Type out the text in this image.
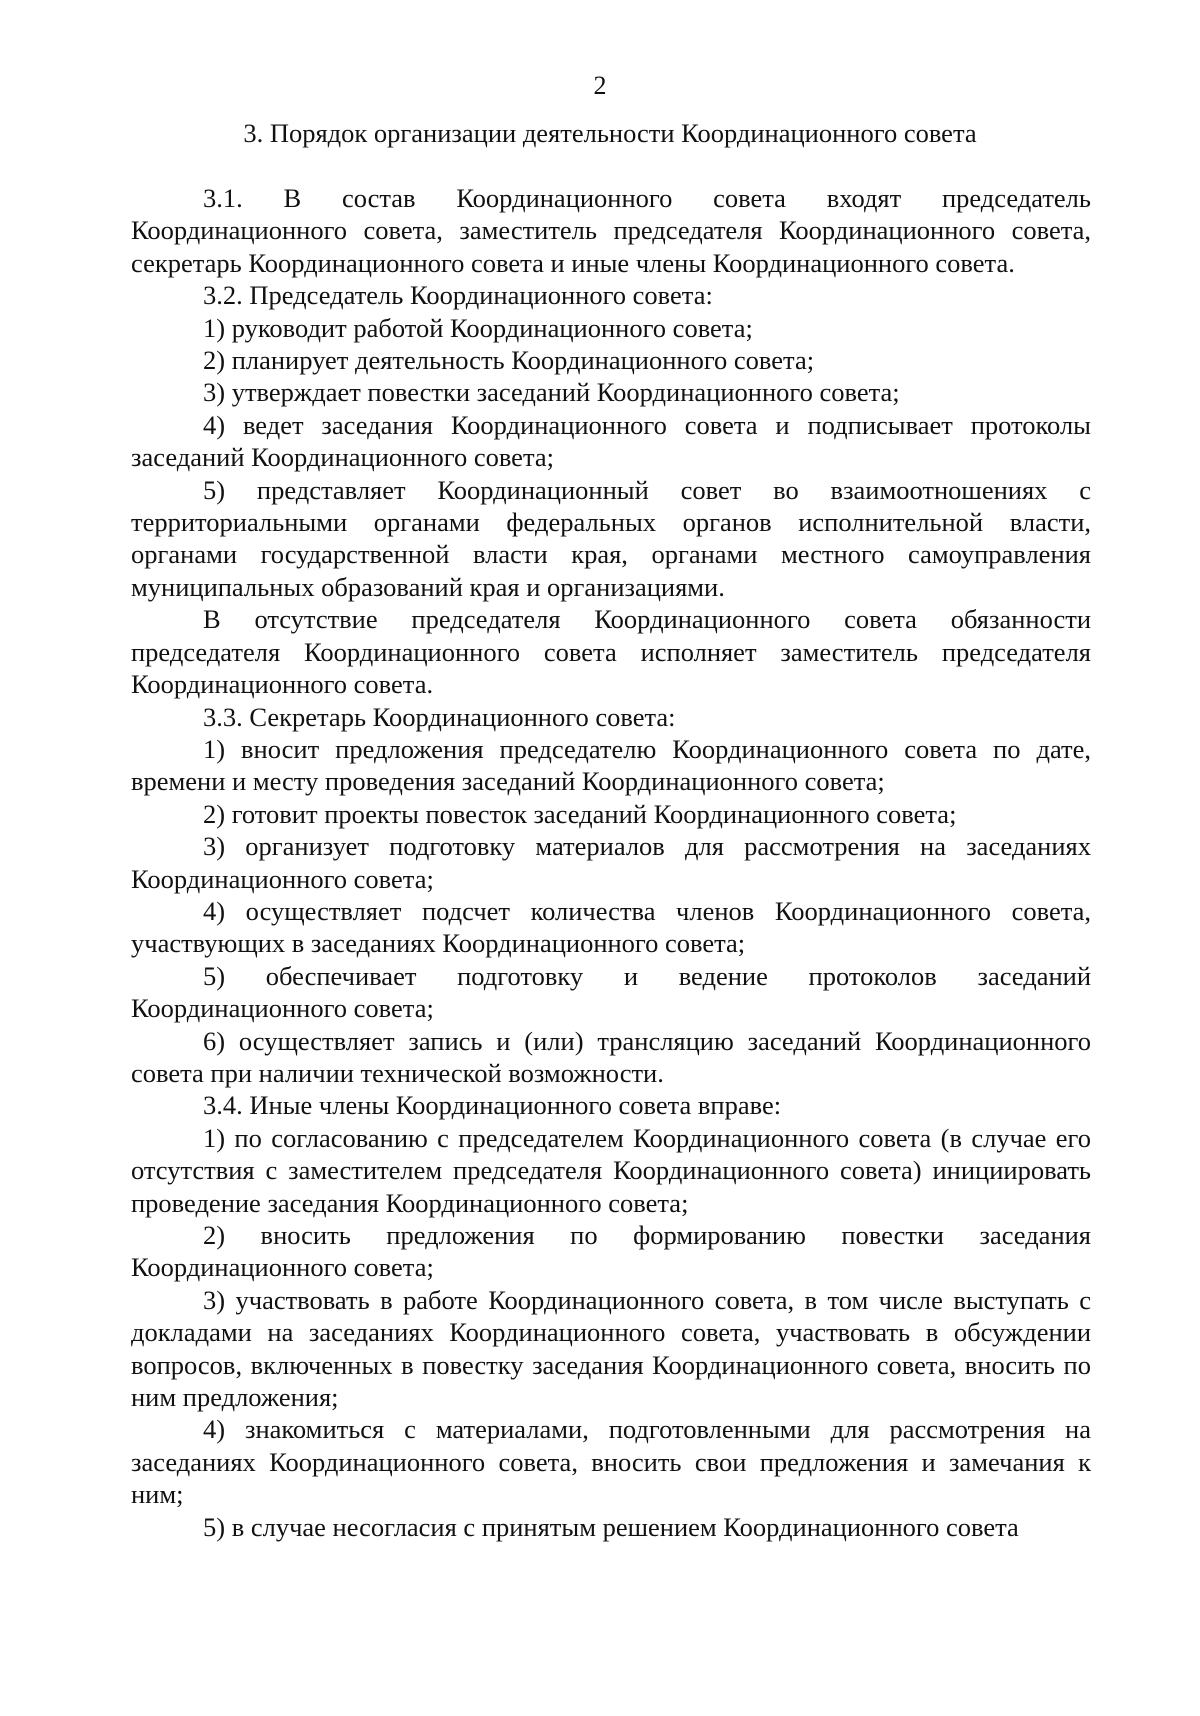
2
3. Порядок организации деятельности Координационного совета

3.1. В состав Координационного совета входят председатель Координационного совета, заместитель председателя Координационного совета, секретарь Координационного совета и иные члены Координационного совета.

3.2. Председатель Координационного совета:

1) руководит работой Координационного совета;

2) планирует деятельность Координационного совета;

3) утверждает повестки заседаний Координационного совета;

4) ведет заседания Координационного совета и подписывает протоколы заседаний Координационного совета;

5) представляет Координационный совет во взаимоотношениях с территориальными органами федеральных органов исполнительной власти, органами государственной власти края, органами местного самоуправления муниципальных образований края и организациями.

В отсутствие председателя Координационного совета обязанности председателя Координационного совета исполняет заместитель председателя Координационного совета.

3.3. Секретарь Координационного совета:

1) вносит предложения председателю Координационного совета по дате, времени и месту проведения заседаний Координационного совета;

2) готовит проекты повесток заседаний Координационного совета;

3) организует подготовку материалов для рассмотрения на заседаниях Координационного совета;

4) осуществляет подсчет количества членов Координационного совета, участвующих в заседаниях Координационного совета;

5) обеспечивает подготовку и ведение протоколов заседаний Координационного совета;

6) осуществляет запись и (или) трансляцию заседаний Координационного совета при наличии технической возможности.

3.4. Иные члены Координационного совета вправе:

1) по согласованию с председателем Координационного совета (в случае его отсутствия с заместителем председателя Координационного совета) инициировать проведение заседания Координационного совета;

2) вносить предложения по формированию повестки заседания Координационного совета;

3) участвовать в работе Координационного совета, в том числе выступать с докладами на заседаниях Координационного совета, участвовать в обсуждении вопросов, включенных в повестку заседания Координационного совета, вносить по ним предложения;

4) знакомиться с материалами, подготовленными для рассмотрения на заседаниях Координационного совета, вносить свои предложения и замечания к ним;

5) в случае несогласия с принятым решением Координационного совета
